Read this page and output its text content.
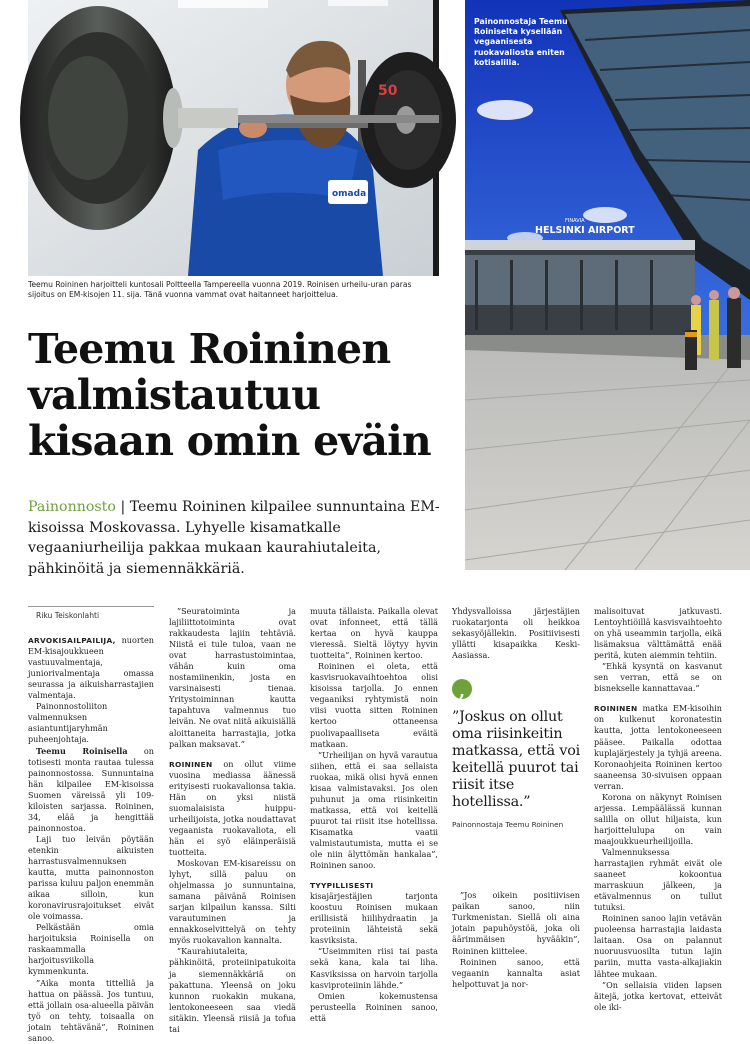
50
omada
Teemu Roininen harjoitteli kuntosali Poltteella Tampereella vuonna 2019. Roinisen urheilu-uran paras sijoitus on EM-kisojen 11. sija. Tänä vuonna vammat ovat haitanneet harjoittelua.
FINAVIA
HELSINKI AIRPORT
Painonnostaja Teemu Roiniselta kysellään vegaanisesta ruokavaliosta eniten kotisalilla.
Teemu Roininen valmistautuu kisaan omin eväin

Painonnosto | Teemu Roininen kilpailee sunnuntaina EM-kisoissa Moskovassa. Lyhyelle kisamatkalle vegaaniurheilija pakkaa mukaan kaurahiutaleita, pähkinöitä ja siemennäkkäriä.

Riku Teiskonlahti

ARVOKISAILPAILIJA, nuorten EM-kisajoukkueen vastuuvalmentaja, juniorivalmentaja omassa seurassa ja aikuisharrastajien valmentaja.

Painonnostoliiton valmennuksen asiantuntijaryhmän puheenjohtaja.

Teemu Roinisella on totisesti monta rautaa tulessa painonnostossa. Sunnuntaina hän kilpailee EM-kisoissa Suomen väreissä yli 109-kiloisten sarjassa. Roininen, 34, elää ja hengittää painonnostoa.

Laji tuo leivän pöytään etenkin aikuisten harrastusvalmennuksen kautta, mutta painonnoston parissa kuluu paljon enemmän aikaa silloin, kun koronavirusrajoitukset eivät ole voimassa.

Pelkästään omia harjoituksia Roinisella on raskaammalla harjoitusviikolla kymmenkunta.

”Aika monta tittelliä ja hattua on päässä. Jos tuntuu, että jollain osa-alueella päivän työ on tehty, toisaalla on jotain tehtävänä”, Roininen sanoo.

”Seuratoiminta ja lajiliittotoiminta ovat rakkaudesta lajiin tehtäviä. Niistä ei tule tuloa, vaan ne ovat harrastustoimintaa, vähän kuin oma nostamiinenkin, josta en varsinaisesti tienaa. Yritystoiminnan kautta tapahtuva valmennus tuo leivän. Ne ovat niitä aikuisiällä aloittaneita harrastajia, jotka palkan maksavat.”

ROININEN on ollut viime vuosina mediassa äänessä erityisesti ruokavalionsa takia. Hän on yksi niistä suomalaisista huippu-urheilijoista, jotka noudattavat vegaanista ruokavaliota, eli hän ei syö eläinperäisiä tuotteita.

Moskovan EM-kisareissu on lyhyt, sillä paluu on ohjelmassa jo sunnuntaina, samana päivänä Roinisen sarjan kilpailun kanssa. Silti varautuminen ja ennakkoselvittelyä on tehty myös ruokavalion kannalta.

”Kaurahiutaleita, pähkinöitä, proteiinipatukoita ja siemennäkkäriä on pakattuna. Yleensä on joku kunnon ruokakin mukana, lentokoneeseen saa viedä sitäkin. Yleensä riisiä ja tofua tai

muuta tällaista. Paikalla olevat ovat infonneet, että tällä kertaa on hyvä kauppa vieressä. Sieltä löytyy hyvin tuotteita”, Roininen kertoo.

Roininen ei oleta, että kasvisruokavaihtoehtoa olisi kisoissa tarjolla. Jo ennen vegaaniksi ryhtymistä noin viisi vuotta sitten Roininen kertoo ottaneensa puolivapaalliseta eväitä matkaan.

”Urheilijan on hyvä varautua siihen, että ei saa sellaista ruokaa, mikä olisi hyvä ennen kisaa valmistavaksi. Jos olen puhunut ja oma riisinkeitin matkassa, että voi keitellä puurot tai riisit itse hotellissa. Kisamatka vaatii valmistautumista, mutta ei se ole niin älyttömän hankalaa”, Roininen sanoo.

TYYPILLISESTI kisajärjestäjien tarjonta koostuu Roinisen mukaan erillisistä hiilihydraatin ja proteiinin lähteistä sekä kasviksista.

”Useimmiten riisi tai pasta sekä kana, kala tai liha. Kasviksissa on harvoin tarjolla kasviproteiinin lähde.”

Omien kokemustensa perusteella Roininen sanoo, että

Yhdysvalloissa järjestäjien ruokatarjonta oli heikkoa sekasyöjällekin. Positiivisesti yllätti kisapaikka Keski-Aasiassa.

,

”Joskus on ollut oma riisinkeitin matkassa, että voi keitellä puurot tai riisit itse hotellissa.”

Painonnostaja Teemu Roininen

”Jos oikein positiivisen paikan sanoo, niin Turkmenistan. Siellä oli aina jotain papuhöystöä, joka oli äärimmäisen hyvääkin”, Roininen kiittelee.

Roininen sanoo, että vegaanin kannalta asiat helpottuvat ja nor-

malisoituvat jatkuvasti. Lentoyhtiöillä kasvisvaihtoehto on yhä useammin tarjolla, eikä lisämaksua välttämättä enää peritä, kuten aiemmin tehtiin.

”Ehkä kysyntä on kasvanut sen verran, että se on bisnekselle kannattavaa.”

ROININEN matka EM-kisoihin on kulkenut koronatestin kautta, jotta lentokoneeseen pääsee. Paikalla odottaa kuplajärjestely ja tyhjä areena. Koronaohjeita Roininen kertoo saaneensa 30-sivuisen oppaan verran.

Korona on näkynyt Roinisen arjessa. Lempäälässä kunnan salilla on ollut hiljaista, kun harjoittelulupa on vain maajoukkueurheilijoilla.

Valmennuksessa harrastajien ryhmät eivät ole saaneet kokoontua marraskuun jälkeen, ja etävalmennus on tullut tutuksi.

Roininen sanoo lajin vetävän puoleensa harrastajia laidasta laitaan. Osa on palannut nuoruusvuosilta tutun lajin pariin, mutta vasta-alkajiakin lähtee mukaan.

”On sellaisia viiden lapsen äitejä, jotka kertovat, etteivät ole iki-
